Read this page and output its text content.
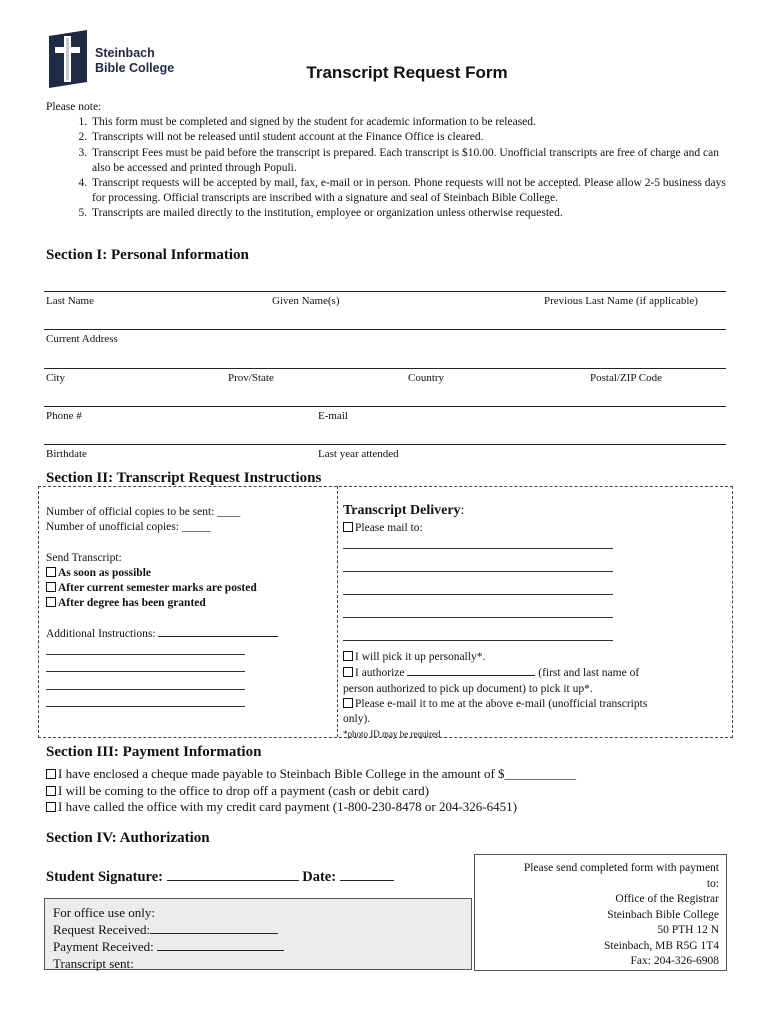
Steinbach
Bible College	Transcript Request Form
Please note:
1. This form must be completed and signed by the student for academic information to be released.
2. Transcripts will not be released until student account at the Finance Office is cleared.
3. Transcript Fees must be paid before the transcript is prepared. Each transcript is $10.00. Unofficial transcripts are free of charge and can also be accessed and printed through Populi.
4. Transcript requests will be accepted by mail, fax, e-mail or in person. Phone requests will not be accepted. Please allow 2-5 business days for processing. Official transcripts are inscribed with a signature and seal of Steinbach Bible College.
5. Transcripts are mailed directly to the institution, employee or organization unless otherwise requested.
Section I: Personal Information
Last Name	Given Name(s)	Previous Last Name (if applicable)
Current Address
City	Prov/State	Country	Postal/ZIP Code
Phone #	E-mail
Birthdate	Last year attended
Section II: Transcript Request Instructions
Number of official copies to be sent: ____
Number of unofficial copies: _____
Send Transcript:
As soon as possible
After current semester marks are posted
After degree has been granted
Additional Instructions:
Transcript Delivery:
Please mail to:
I will pick it up personally*.
I authorize	(first and last name of
person authorized to pick up document) to pick it up*.
Please e-mail it to me at the above e-mail (unofficial transcripts
only).
*photo ID may be required
Section III: Payment Information
I have enclosed a cheque made payable to Steinbach Bible College in the amount of $___________
I will be coming to the office to drop off a payment (cash or debit card)
I have called the office with my credit card payment (1-800-230-8478 or 204-326-6451)
Section IV: Authorization
Student Signature:	Date:
For office use only:
Request Received:
Payment Received:
Transcript sent:
Please send completed form with payment
to:
Office of the Registrar
Steinbach Bible College
50 PTH 12 N
Steinbach, MB R5G 1T4
Fax: 204-326-6908
